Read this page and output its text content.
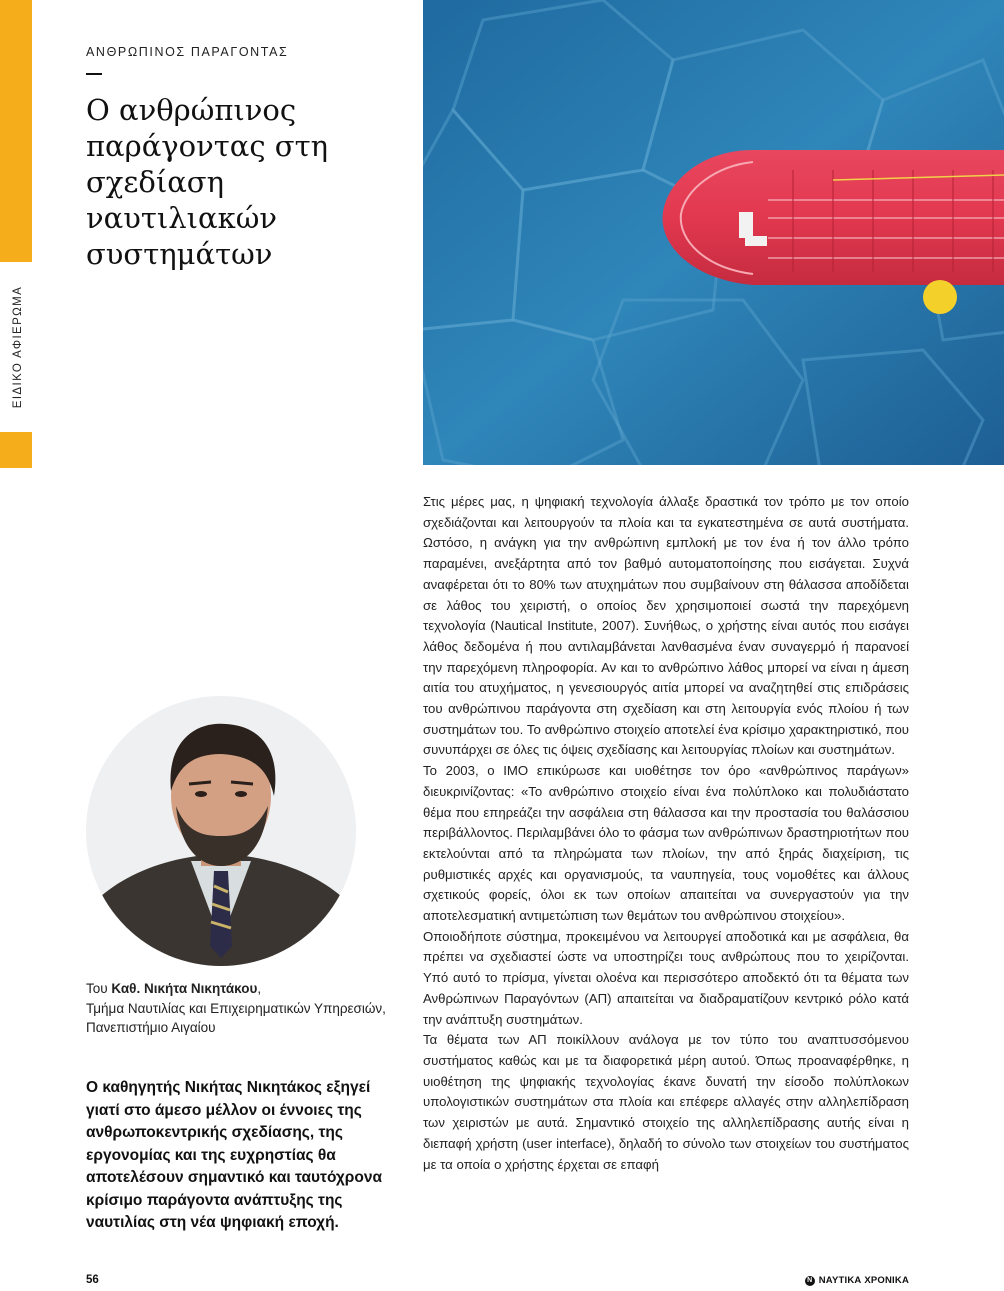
ΕΙΔΙΚΟ ΑΦΙΕΡΩΜΑ
ΑΝΘΡΩΠΙΝΟΣ ΠΑΡΑΓΟΝΤΑΣ
Ο ανθρώπινος παράγοντας στη σχεδίαση ναυτιλιακών συστημάτων
Του Καθ. Νικήτα Νικητάκου,
Τμήμα Ναυτιλίας και Επιχειρηματικών Υπηρεσιών, Πανεπιστήμιο Αιγαίου

Ο καθηγητής Νικήτας Νικητάκος εξηγεί γιατί στο άμεσο μέλλον οι έννοιες της ανθρωποκεντρικής σχεδίασης, της εργονομίας και της ευχρηστίας θα αποτελέσουν σημαντικό και ταυτόχρονα κρίσιμο παράγοντα ανάπτυξης της ναυτιλίας στη νέα ψηφιακή εποχή.

Στις μέρες μας, η ψηφιακή τεχνολογία άλλαξε δραστικά τον τρόπο με τον οποίο σχεδιάζονται και λειτουργούν τα πλοία και τα εγκατεστημένα σε αυτά συστήματα. Ωστόσο, η ανάγκη για την ανθρώπινη εμπλοκή με τον ένα ή τον άλλο τρόπο παραμένει, ανεξάρτητα από τον βαθμό αυτοματοποίησης που εισάγεται. Συχνά αναφέρεται ότι το 80% των ατυχημάτων που συμβαίνουν στη θάλασσα αποδίδεται σε λάθος του χειριστή, ο οποίος δεν χρησιμοποιεί σωστά την παρεχόμενη τεχνολογία (Nautical Institute, 2007). Συνήθως, ο χρήστης είναι αυτός που εισάγει λάθος δεδομένα ή που αντιλαμβάνεται λανθασμένα έναν συναγερμό ή παρανοεί την παρεχόμενη πληροφορία. Αν και το ανθρώπινο λάθος μπορεί να είναι η άμεση αιτία του ατυχήματος, η γενεσιουργός αιτία μπορεί να αναζητηθεί στις επιδράσεις του ανθρώπινου παράγοντα στη σχεδίαση και στη λειτουργία ενός πλοίου ή των συστημάτων του. Το ανθρώπινο στοιχείο αποτελεί ένα κρίσιμο χαρακτηριστικό, που συνυπάρχει σε όλες τις όψεις σχεδίασης και λειτουργίας πλοίων και συστημάτων.

Το 2003, ο IMO επικύρωσε και υιοθέτησε τον όρο «ανθρώπινος παράγων» διευκρινίζοντας: «Το ανθρώπινο στοιχείο είναι ένα πολύπλοκο και πολυδιάστατο θέμα που επηρεάζει την ασφάλεια στη θάλασσα και την προστασία του θαλάσσιου περιβάλλοντος. Περιλαμβάνει όλο το φάσμα των ανθρώπινων δραστηριοτήτων που εκτελούνται από τα πληρώματα των πλοίων, την από ξηράς διαχείριση, τις ρυθμιστικές αρχές και οργανισμούς, τα ναυπηγεία, τους νομοθέτες και άλλους σχετικούς φορείς, όλοι εκ των οποίων απαιτείται να συνεργαστούν για την αποτελεσματική αντιμετώπιση των θεμάτων του ανθρώπινου στοιχείου».

Οποιοδήποτε σύστημα, προκειμένου να λειτουργεί αποδοτικά και με ασφάλεια, θα πρέπει να σχεδιαστεί ώστε να υποστηρίζει τους ανθρώπους που το χειρίζονται. Υπό αυτό το πρίσμα, γίνεται ολοένα και περισσότερο αποδεκτό ότι τα θέματα των Ανθρώπινων Παραγόντων (ΑΠ) απαιτείται να διαδραματίζουν κεντρικό ρόλο κατά την ανάπτυξη συστημάτων.

Τα θέματα των ΑΠ ποικίλλουν ανάλογα με τον τύπο του αναπτυσσόμενου συστήματος καθώς και με τα διαφορετικά μέρη αυτού. Όπως προαναφέρθηκε, η υιοθέτηση της ψηφιακής τεχνολογίας έκανε δυνατή την είσοδο πολύπλοκων υπολογιστικών συστημάτων στα πλοία και επέφερε αλλαγές στην αλληλεπίδραση των χειριστών με αυτά. Σημαντικό στοιχείο της αλληλεπίδρασης αυτής είναι η διεπαφή χρήστη (user interface), δηλαδή το σύνολο των στοιχείων του συστήματος με τα οποία ο χρήστης έρχεται σε επαφή

56	Ν ΝΑΥΤΙΚΑ ΧΡΟΝΙΚΑ
